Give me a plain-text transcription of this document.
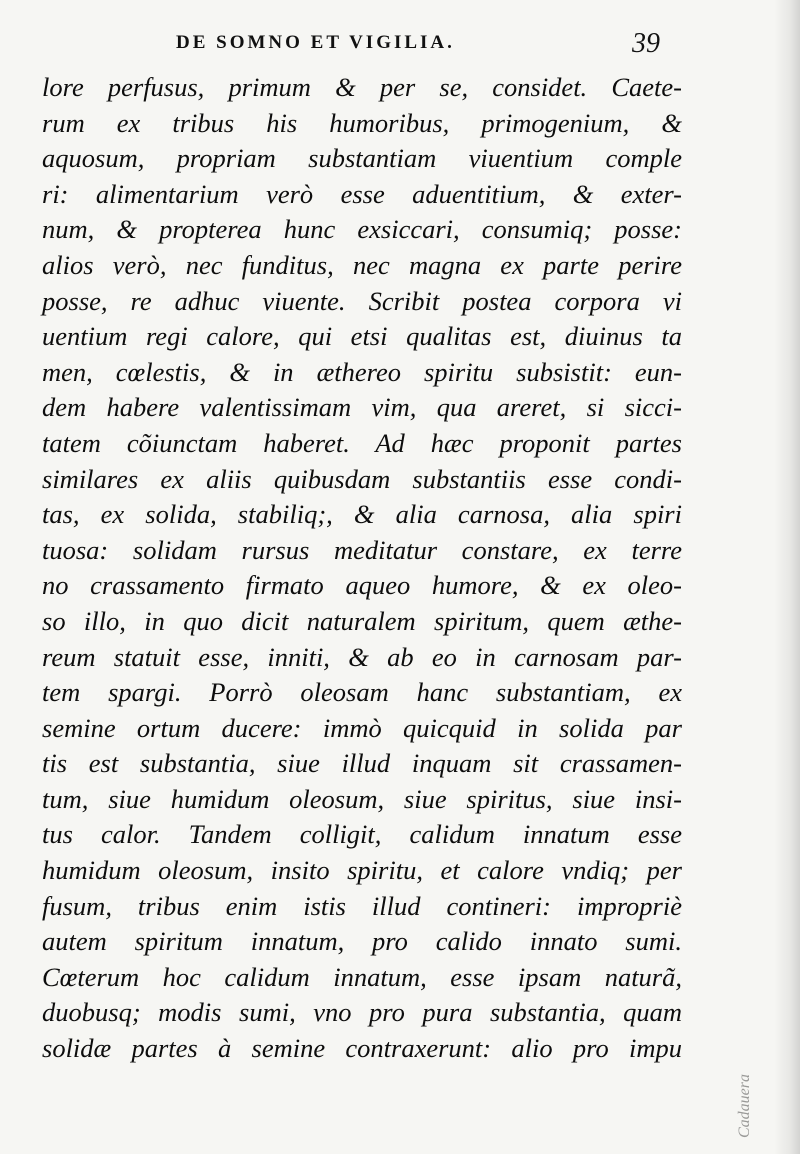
DE SOMNO ET VIGILIA.	39
lore perfusus, primum & per se, considet. Caete-
rum ex tribus his humoribus, primogenium, &
aquosum, propriam substantiam viuentium comple
ri: alimentarium verò esse aduentitium, & exter-
num, & propterea hunc exsiccari, consumiq; posse:
alios verò, nec funditus, nec magna ex parte perire
posse, re adhuc viuente. Scribit postea corpora vi
uentium regi calore, qui etsi qualitas est, diuinus ta
men, cœlestis, & in æthereo spiritu subsistit: eun-
dem habere valentissimam vim, qua areret, si sicci-
tatem cõiunctam haberet. Ad hæc proponit partes
similares ex aliis quibusdam substantiis esse condi-
tas, ex solida, stabiliq;, & alia carnosa, alia spiri
tuosa: solidam rursus meditatur constare, ex terre
no crassamento firmato aqueo humore, & ex oleo-
so illo, in quo dicit naturalem spiritum, quem æthe-
reum statuit esse, inniti, & ab eo in carnosam par-
tem spargi. Porrò oleosam hanc substantiam, ex
semine ortum ducere: immò quicquid in solida par
tis est substantia, siue illud inquam sit crassamen-
tum, siue humidum oleosum, siue spiritus, siue insi-
tus calor. Tandem colligit, calidum innatum esse
humidum oleosum, insito spiritu, et calore vndiq; per
fusum, tribus enim istis illud contineri: impropriè
autem spiritum innatum, pro calido innato sumi.
Cœterum hoc calidum innatum, esse ipsam naturã,
duobusq; modis sumi, vno pro pura substantia, quam
solidæ partes à semine contraxerunt: alio pro impu
Cadauera
